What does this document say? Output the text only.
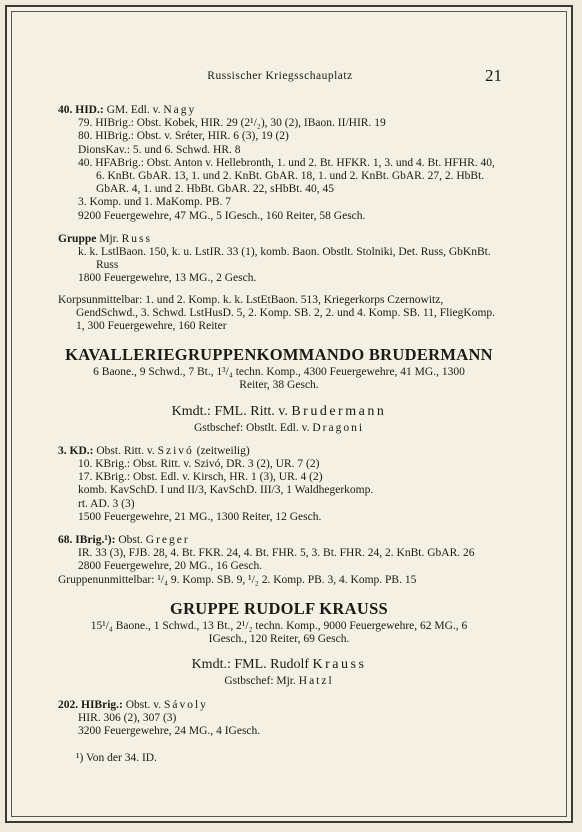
Russischer Kriegsschauplatz	21
40. HID.: GM. Edl. v. Nagy
79. HIBrig.: Obst. Kobek, HIR. 29 (2¹/₂), 30 (2), IBaon. II/HIR. 19
80. HIBrig.: Obst. v. Sréter, HIR. 6 (3), 19 (2)
DionsKav.: 5. und 6. Schwd. HR. 8
40. HFABrig.: Obst. Anton v. Hellebronth, 1. und 2. Bt. HFKR. 1, 3. und 4. Bt. HFHR. 40, 6. KnBt. GbAR. 13, 1. und 2. KnBt. GbAR. 18, 1. und 2. KnBt. GbAR. 27, 2. HbBt. GbAR. 4, 1. und 2. HbBt. GbAR. 22, sHbBt. 40, 45
3. Komp. und 1. MaKomp. PB. 7
9200 Feuergewehre, 47 MG., 5 IGesch., 160 Reiter, 58 Gesch.
Gruppe Mjr. Russ
k. k. LstlBaon. 150, k. u. LstIR. 33 (1), komb. Baon. Obstlt. Stolniki, Det. Russ, GbKnBt. Russ
1800 Feuergewehre, 13 MG., 2 Gesch.
Korpsunmittelbar: 1. und 2. Komp. k. k. LstEtBaon. 513, Kriegerkorps Czernowitz, GendSchwd., 3. Schwd. LstHusD. 5, 2. Komp. SB. 2, 2. und 4. Komp. SB. 11, FliegKomp. 1, 300 Feuergewehre, 160 Reiter
KAVALLERIEGRUPPENKOMMANDO BRUDERMANN
6 Baone., 9 Schwd., 7 Bt., 1³/₄ techn. Komp., 4300 Feuergewehre, 41 MG., 1300 Reiter, 38 Gesch.
Kmdt.: FML. Ritt. v. Brudermann
Gstbschef: Obstlt. Edl. v. Dragoni
3. KD.: Obst. Ritt. v. Szivó (zeitweilig)
10. KBrig.: Obst. Ritt. v. Szivó, DR. 3 (2), UR. 7 (2)
17. KBrig.: Obst. Edl. v. Kirsch, HR. 1 (3), UR. 4 (2)
komb. KavSchD. I und II/3, KavSchD. III/3, 1 Waldhegerkomp.
rt. AD. 3 (3)
1500 Feuergewehre, 21 MG., 1300 Reiter, 12 Gesch.
68. IBrig.¹): Obst. Greger
IR. 33 (3), FJB. 28, 4. Bt. FKR. 24, 4. Bt. FHR. 5, 3. Bt. FHR. 24, 2. KnBt. GbAR. 26
2800 Feuergewehre, 20 MG., 16 Gesch.
Gruppenunmittelbar: ¹/₄ 9. Komp. SB. 9, ¹/₂ 2. Komp. PB. 3, 4. Komp. PB. 15
GRUPPE RUDOLF KRAUSS
15¹/₄ Baone., 1 Schwd., 13 Bt., 2¹/₂ techn. Komp., 9000 Feuergewehre, 62 MG., 6 IGesch., 120 Reiter, 69 Gesch.
Kmdt.: FML. Rudolf Krauss
Gstbschef: Mjr. Hatzl
202. HIBrig.: Obst. v. Sávoly
HIR. 306 (2), 307 (3)
3200 Feuergewehre, 24 MG., 4 IGesch.
¹) Von der 34. ID.
